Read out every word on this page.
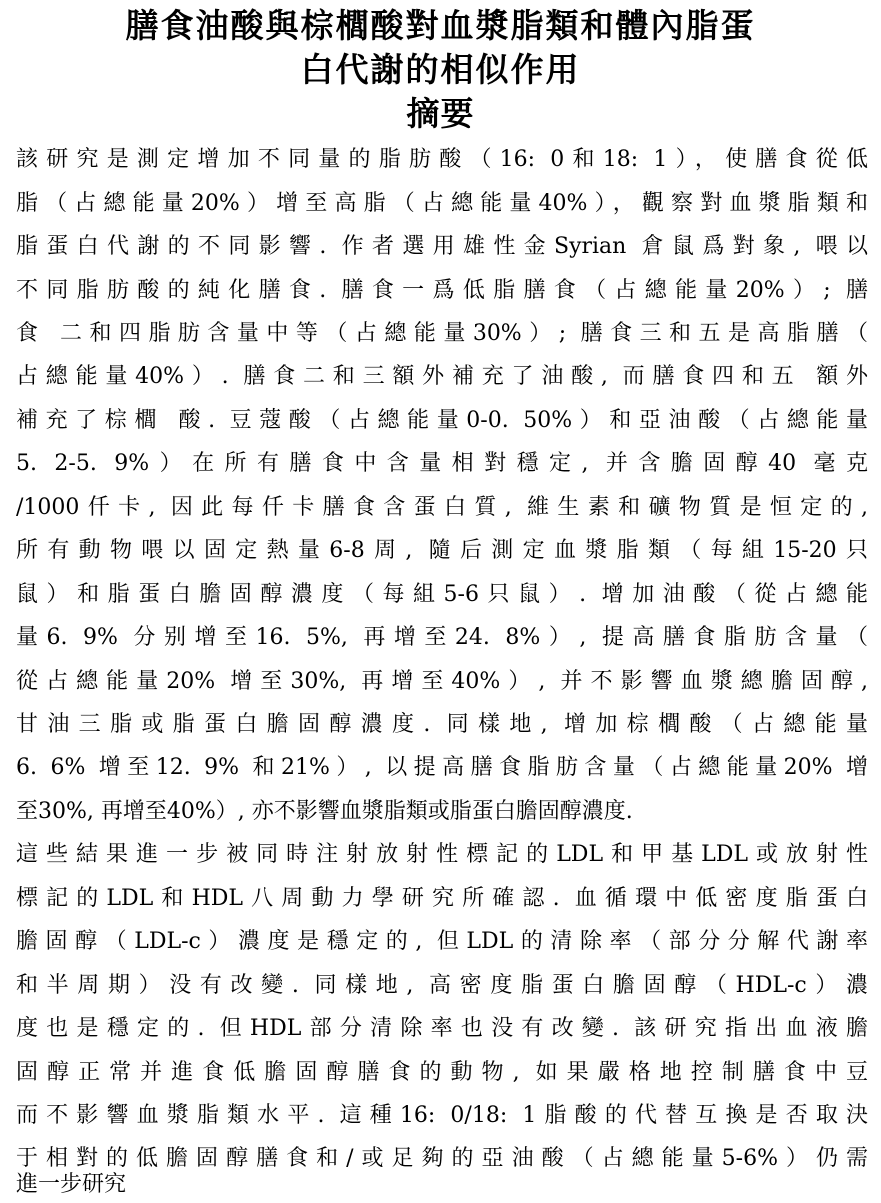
膳食油酸與棕櫚酸對血漿脂類和體內脂蛋
白代謝的相似作用
摘要
該研究是測定增加不同量的脂肪酸（16: 0和18: 1），使膳食從低
脂（占總能量20%）增至高脂（占總能量40%），觀察對血漿脂類和
脂蛋白代謝的不同影響. 作者選用雄性金Syrian 倉鼠爲對象, 喂以
不同脂肪酸的純化膳食. 膳食一爲低脂膳食（占總能量20%）; 膳
食 二和四脂肪含量中等（占總能量30%）; 膳食三和五是高脂膳（
占總能量40%）. 膳食二和三額外補充了油酸, 而膳食四和五 額外
補充了棕櫚 酸. 豆蔻酸（占總能量0-0. 50%）和亞油酸（占總能量
5. 2-5. 9%）在所有膳食中含量相對穩定, 并含膽固醇40 毫克
/1000仟卡, 因此每仟卡膳食含蛋白質, 維生素和礦物質是恒定的,
所有動物喂以固定熱量6-8周, 隨后測定血漿脂類（每組15-20只
鼠）和脂蛋白膽固醇濃度（每組5-6只鼠）. 增加油酸（從占總能
量6. 9% 分别增至16. 5%, 再增至24. 8%）, 提高膳食脂肪含量（
從占總能量20% 增至30%, 再增至40%）, 并不影響血漿總膽固醇,
甘油三脂或脂蛋白膽固醇濃度. 同樣地, 增加棕櫚酸（占總能量
6. 6% 增至12. 9% 和21%）, 以提高膳食脂肪含量（占總能量20% 增
至30%, 再增至40%）, 亦不影響血漿脂類或脂蛋白膽固醇濃度.
這些結果進一步被同時注射放射性標記的LDL和甲基LDL或放射性
標記的LDL和HDL八周動力學研究所確認. 血循環中低密度脂蛋白
膽固醇（LDL-c）濃度是穩定的, 但LDL的清除率（部分分解代謝率
和半周期）没有改變. 同樣地, 高密度脂蛋白膽固醇（HDL-c）濃
度也是穩定的. 但HDL部分清除率也没有改變. 該研究指出血液膽
固醇正常并進食低膽固醇膳食的動物, 如果嚴格地控制膳食中豆
而不影響血漿脂類水平. 這種16: 0/18: 1脂酸的代替互換是否取決
于相對的低膽固醇膳食和/或足夠的亞油酸（占總能量5-6%）仍需
進一步研究
